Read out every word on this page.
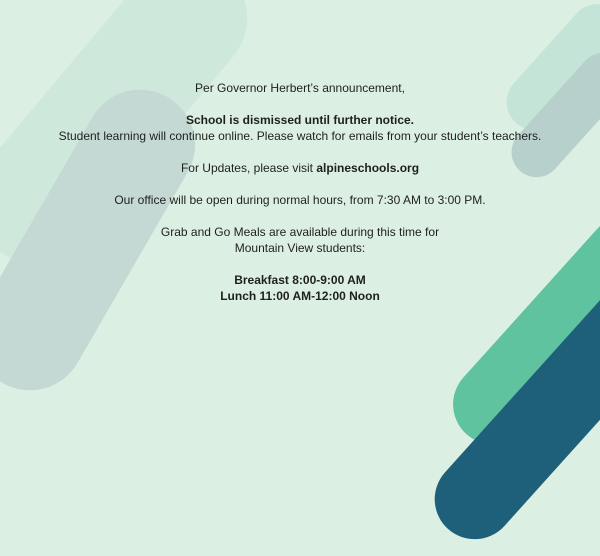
Per Governor Herbert’s announcement,

School is dismissed until further notice.

Student learning will continue online. Please watch for emails from your student’s teachers.

For Updates, please visit alpineschools.org

Our office will be open during normal hours, from 7:30 AM to 3:00 PM.

Grab and Go Meals are available during this time for

Mountain View students:

Breakfast 8:00-9:00 AM

Lunch 11:00 AM-12:00 Noon
